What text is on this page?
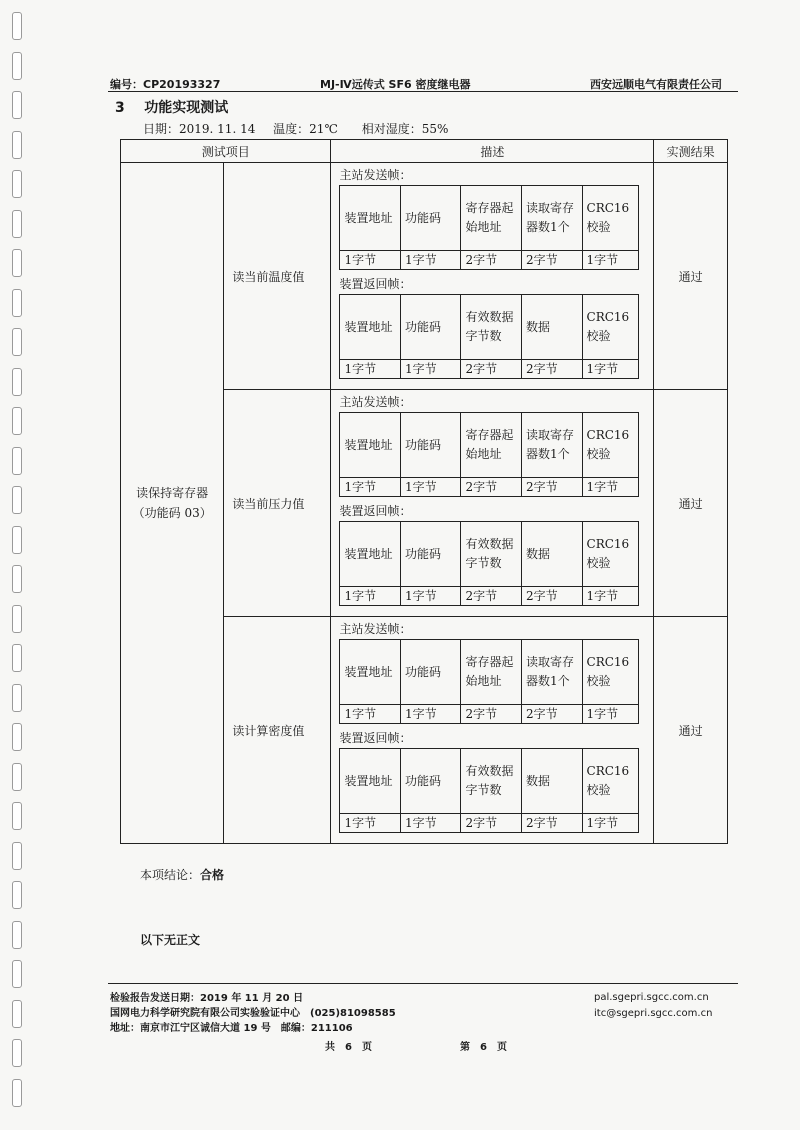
编号：CP20193327	MJ-Ⅳ远传式 SF6 密度继电器	西安远顺电气有限责任公司
3 功能实现测试
日期：2019. 11. 14 温度：21℃ 相对湿度：55%
测试项目	描述	实测结果

读保持寄存器
（功能码 03）
	读当前温度值	
主站发送帧：
装置地址	功能码	寄存器起始地址	读取寄存器数1个	CRC16校验
1字节	1字节	2字节	2字节	1字节
装置返回帧：
装置地址	功能码	有效数据字节数	数据	CRC16校验
1字节	1字节	2字节	2字节	1字节
	通过
读当前压力值	
主站发送帧：
装置地址	功能码	寄存器起始地址	读取寄存器数1个	CRC16校验
1字节	1字节	2字节	2字节	1字节
装置返回帧：
装置地址	功能码	有效数据字节数	数据	CRC16校验
1字节	1字节	2字节	2字节	1字节
	通过
读计算密度值	
主站发送帧：
装置地址	功能码	寄存器起始地址	读取寄存器数1个	CRC16校验
1字节	1字节	2字节	2字节	1字节
装置返回帧：
装置地址	功能码	有效数据字节数	数据	CRC16校验
1字节	1字节	2字节	2字节	1字节
	通过
本项结论：合格
以下无正文
检验报告发送日期：2019 年 11 月 20 日
国网电力科学研究院有限公司实验验证中心　(025)81098585
地址：南京市江宁区诚信大道 19 号　邮编：211106
pal.sgepri.sgcc.com.cn
itc@sgepri.sgcc.com.cn
共　6　页	第　6　页
